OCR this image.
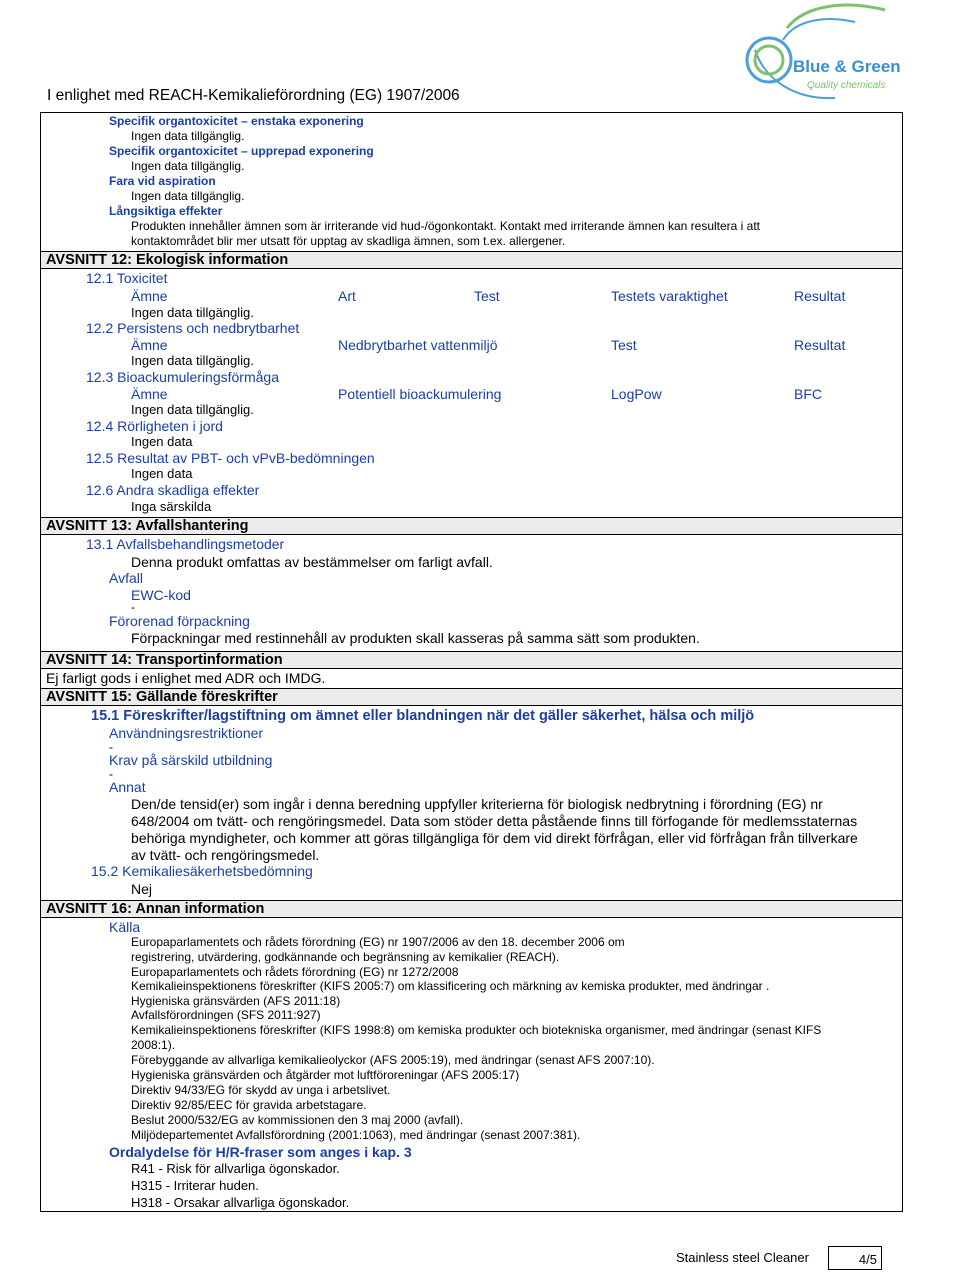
I enlighet med REACH-Kemikalieförordning (EG) 1907/2006
Blue & Green
Quality chemicals
Specifik organtoxicitet – enstaka exponering
Ingen data tillgänglig.
Specifik organtoxicitet – upprepad exponering
Ingen data tillgänglig.
Fara vid aspiration
Ingen data tillgänglig.
Långsiktiga effekter
Produkten innehåller ämnen som är irriterande vid hud-/ögonkontakt. Kontakt med irriterande ämnen kan resultera i att
kontaktområdet blir mer utsatt för upptag av skadliga ämnen, som t.ex. allergener.
AVSNITT 12: Ekologisk information
12.1 Toxicitet
Ämne	Art	Test	Testets varaktighet	Resultat
Ingen data tillgänglig.
12.2 Persistens och nedbrytbarhet
Ämne	Nedbrytbarhet vattenmiljö	Test	Resultat
Ingen data tillgänglig.
12.3 Bioackumuleringsförmåga
Ämne	Potentiell bioackumulering	LogPow	BFC
Ingen data tillgänglig.
12.4 Rörligheten i jord
Ingen data
12.5 Resultat av PBT- och vPvB-bedömningen
Ingen data
12.6 Andra skadliga effekter
Inga särskilda
AVSNITT 13: Avfallshantering
13.1 Avfallsbehandlingsmetoder
Denna produkt omfattas av bestämmelser om farligt avfall.
Avfall
EWC-kod
-
Förorenad förpackning
Förpackningar med restinnehåll av produkten skall kasseras på samma sätt som produkten.
AVSNITT 14: Transportinformation
Ej farligt gods i enlighet med ADR och IMDG.
AVSNITT 15: Gällande föreskrifter
15.1 Föreskrifter/lagstiftning om ämnet eller blandningen när det gäller säkerhet, hälsa och miljö
Användningsrestriktioner
-
Krav på särskild utbildning
-
Annat
Den/de tensid(er) som ingår i denna beredning uppfyller kriterierna för biologisk nedbrytning i förordning (EG) nr
648/2004 om tvätt- och rengöringsmedel. Data som stöder detta påstående finns till förfogande för medlemsstaternas
behöriga myndigheter, och kommer att göras tillgängliga för dem vid direkt förfrågan, eller vid förfrågan från tillverkare
av tvätt- och rengöringsmedel.
15.2 Kemikaliesäkerhetsbedömning
Nej
AVSNITT 16: Annan information
Källa
Europaparlamentets och rådets förordning (EG) nr 1907/2006 av den 18. december 2006 om
registrering, utvärdering, godkännande och begränsning av kemikalier (REACH).
Europaparlamentets och rådets förordning (EG) nr 1272/2008
Kemikalieinspektionens föreskrifter (KIFS 2005:7) om klassificering och märkning av kemiska produkter, med ändringar .
Hygieniska gränsvärden (AFS 2011:18)
Avfallsförordningen (SFS 2011:927)
Kemikalieinspektionens föreskrifter (KIFS 1998:8) om kemiska produkter och biotekniska organismer, med ändringar (senast KIFS
2008:1).
Förebyggande av allvarliga kemikalieolyckor (AFS 2005:19), med ändringar (senast AFS 2007:10).
Hygieniska gränsvärden och åtgärder mot luftföroreningar (AFS 2005:17)
Direktiv 94/33/EG för skydd av unga i arbetslivet.
Direktiv 92/85/EEC för gravida arbetstagare.
Beslut 2000/532/EG av kommissionen den 3 maj 2000 (avfall).
Miljödepartementet Avfallsförordning (2001:1063), med ändringar (senast 2007:381).
Ordalydelse för H/R-fraser som anges i kap. 3
R41 - Risk för allvarliga ögonskador.
H315 - Irriterar huden.
H318 - Orsakar allvarliga ögonskador.
Stainless steel Cleaner	4/5
